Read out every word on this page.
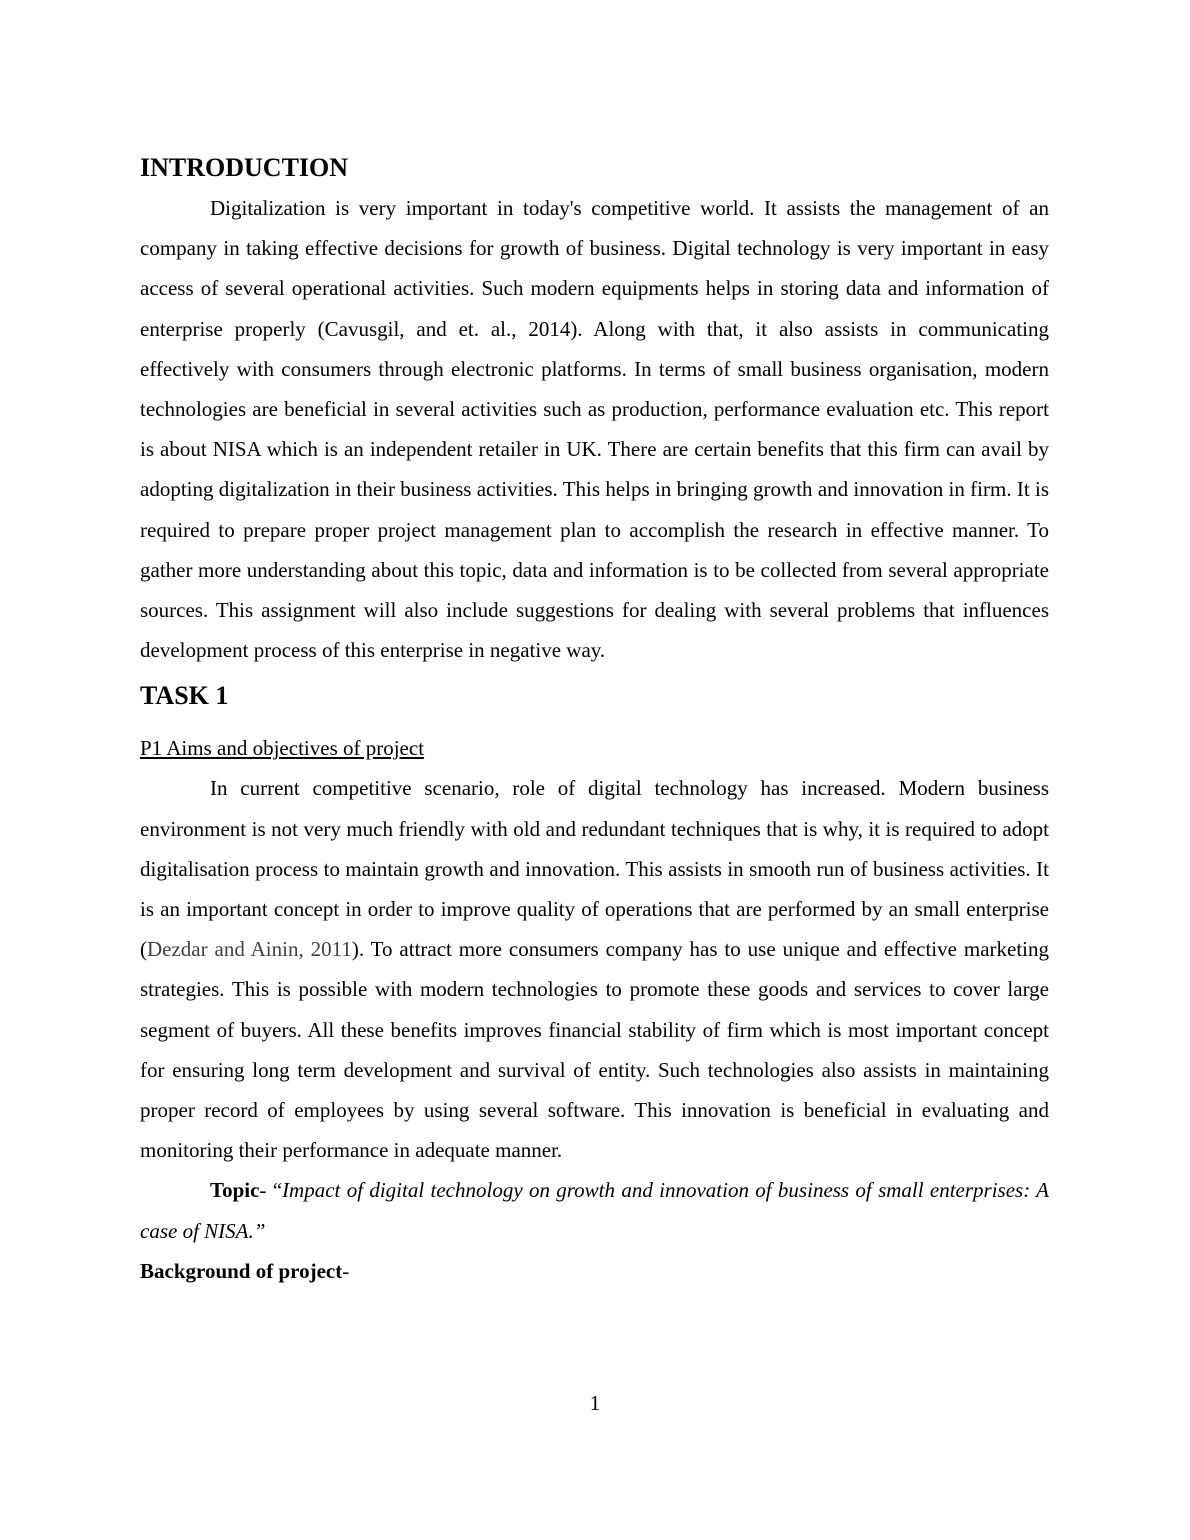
INTRODUCTION

Digitalization is very important in today's competitive world. It assists the management of an company in taking effective decisions for growth of business. Digital technology is very important in easy access of several operational activities. Such modern equipments helps in storing data and information of enterprise properly (Cavusgil, and et. al., 2014). Along with that, it also assists in communicating effectively with consumers through electronic platforms. In terms of small business organisation, modern technologies are beneficial in several activities such as production, performance evaluation etc. This report is about NISA which is an independent retailer in UK. There are certain benefits that this firm can avail by adopting digitalization in their business activities. This helps in bringing growth and innovation in firm. It is required to prepare proper project management plan to accomplish the research in effective manner. To gather more understanding about this topic, data and information is to be collected from several appropriate sources. This assignment will also include suggestions for dealing with several problems that influences development process of this enterprise in negative way.

TASK 1

P1 Aims and objectives of project

In current competitive scenario, role of digital technology has increased. Modern business environment is not very much friendly with old and redundant techniques that is why, it is required to adopt digitalisation process to maintain growth and innovation. This assists in smooth run of business activities. It is an important concept in order to improve quality of operations that are performed by an small enterprise (Dezdar and Ainin, 2011). To attract more consumers company has to use unique and effective marketing strategies. This is possible with modern technologies to promote these goods and services to cover large segment of buyers. All these benefits improves financial stability of firm which is most important concept for ensuring long term development and survival of entity. Such technologies also assists in maintaining proper record of employees by using several software. This innovation is beneficial in evaluating and monitoring their performance in adequate manner.

Topic- “Impact of digital technology on growth and innovation of business of small enterprises: A case of NISA.”

Background of project-

1
